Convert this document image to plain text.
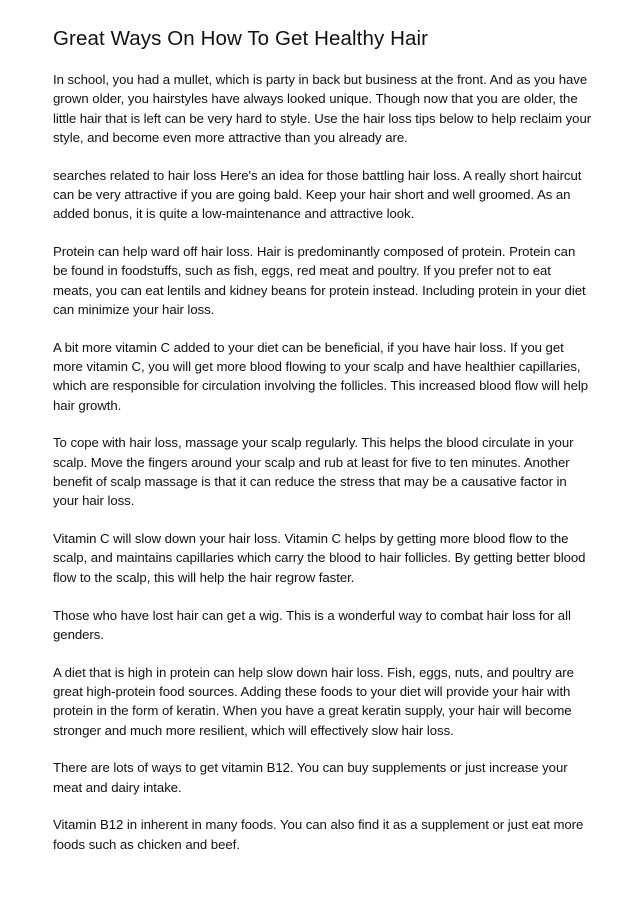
Great Ways On How To Get Healthy Hair

In school, you had a mullet, which is party in back but business at the front. And as you have grown older, you hairstyles have always looked unique. Though now that you are older, the little hair that is left can be very hard to style. Use the hair loss tips below to help reclaim your style, and become even more attractive than you already are.

searches related to hair loss Here's an idea for those battling hair loss. A really short haircut can be very attractive if you are going bald. Keep your hair short and well groomed. As an added bonus, it is quite a low-maintenance and attractive look.

Protein can help ward off hair loss. Hair is predominantly composed of protein. Protein can be found in foodstuffs, such as fish, eggs, red meat and poultry. If you prefer not to eat meats, you can eat lentils and kidney beans for protein instead. Including protein in your diet can minimize your hair loss.

A bit more vitamin C added to your diet can be beneficial, if you have hair loss. If you get more vitamin C, you will get more blood flowing to your scalp and have healthier capillaries, which are responsible for circulation involving the follicles. This increased blood flow will help hair growth.

To cope with hair loss, massage your scalp regularly. This helps the blood circulate in your scalp. Move the fingers around your scalp and rub at least for five to ten minutes. Another benefit of scalp massage is that it can reduce the stress that may be a causative factor in your hair loss.

Vitamin C will slow down your hair loss. Vitamin C helps by getting more blood flow to the scalp, and maintains capillaries which carry the blood to hair follicles. By getting better blood flow to the scalp, this will help the hair regrow faster.

Those who have lost hair can get a wig. This is a wonderful way to combat hair loss for all genders.

A diet that is high in protein can help slow down hair loss. Fish, eggs, nuts, and poultry are great high-protein food sources. Adding these foods to your diet will provide your hair with protein in the form of keratin. When you have a great keratin supply, your hair will become stronger and much more resilient, which will effectively slow hair loss.

There are lots of ways to get vitamin B12. You can buy supplements or just increase your meat and dairy intake.

Vitamin B12 in inherent in many foods. You can also find it as a supplement or just eat more foods such as chicken and beef.
